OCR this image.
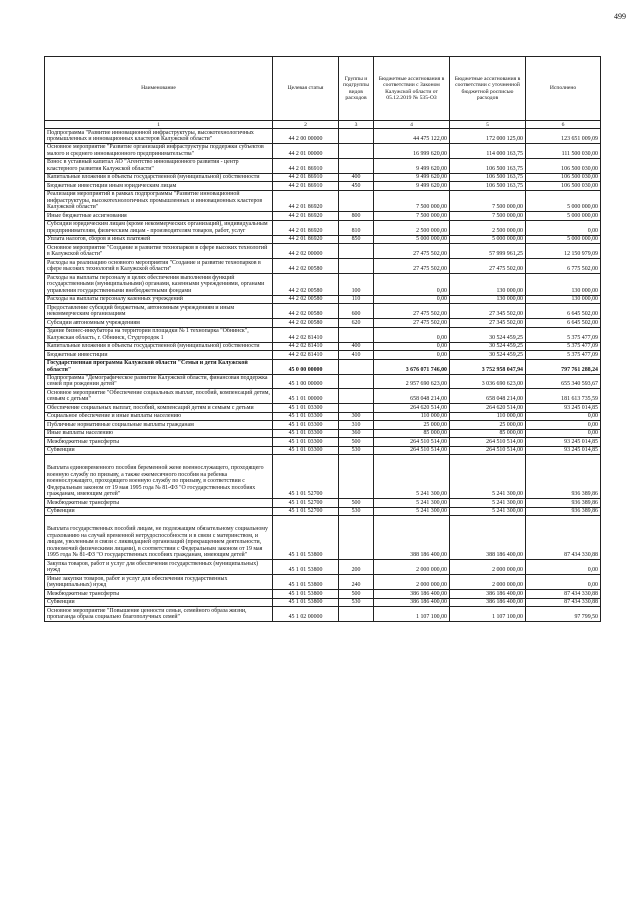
499
Наименование	Целевая статья	Группы и подгруппы видов расходов	Бюджетные ассигнования в соответствии с Законом Калужской области от 05.12.2019 № 535-ОЗ	Бюджетные ассигнования в соответствии с уточненной бюджетной росписью расходов	Исполнено
1	2	3	4	5	6
Подпрограмма "Развитие инновационной инфраструктуры, высокотехнологичных промышленных и инновационных кластеров Калужской области"	44 2 00 00000		44 475 122,00	172 000 125,00	123 651 009,09
Основное мероприятие "Развитие организаций инфраструктуры поддержки субъектов малого и среднего инновационного предпринимательства"	44 2 01 00000		16 999 620,00	114 000 163,75	111 500 030,00
Взнос в уставный капитал АО "Агентство инновационного развития - центр кластерного развития Калужской области"	44 2 01 86910		9 499 620,00	106 500 163,75	106 500 030,00
Капитальные вложения в объекты государственной (муниципальной) собственности	44 2 01 86910	400	9 499 620,00	106 500 163,75	106 500 030,00
Бюджетные инвестиции иным юридическим лицам	44 2 01 86910	450	9 499 620,00	106 500 163,75	106 500 030,00
Реализация мероприятий в рамках подпрограммы "Развитие инновационной инфраструктуры, высокотехнологичных промышленных и инновационных кластеров Калужской области"	44 2 01 86920		7 500 000,00	7 500 000,00	5 000 000,00
Иные бюджетные ассигнования	44 2 01 86920	800	7 500 000,00	7 500 000,00	5 000 000,00
Субсидии юридическим лицам (кроме некоммерческих организаций), индивидуальным предпринимателям, физическим лицам - производителям товаров, работ, услуг	44 2 01 86920	810	2 500 000,00	2 500 000,00	0,00
Уплата налогов, сборов и иных платежей	44 2 01 86920	850	5 000 000,00	5 000 000,00	5 000 000,00
Основное мероприятие "Создание и развитие технопарков в сфере высоких технологий в Калужской области"	44 2 02 00000		27 475 502,00	57 999 961,25	12 150 979,09
Расходы на реализацию основного мероприятия "Создание и развитие технопарков в сфере высоких технологий в Калужской области"	44 2 02 00580		27 475 502,00	27 475 502,00	6 775 502,00
Расходы на выплаты персоналу в целях обеспечения выполнения функций государственными (муниципальными) органами, казенными учреждениями, органами управления государственными внебюджетными фондами	44 2 02 00580	100	0,00	130 000,00	130 000,00
Расходы на выплаты персоналу казенных учреждений	44 2 02 00580	110	0,00	130 000,00	130 000,00
Предоставление субсидий бюджетным, автономным учреждениям и иным некоммерческим организациям	44 2 02 00580	600	27 475 502,00	27 345 502,00	6 645 502,00
Субсидии автономным учреждениям	44 2 02 00580	620	27 475 502,00	27 345 502,00	6 645 502,00
Здание бизнес-инкубатора на территории площадки № 1 технопарка "Обнинск", Калужская область, г. Обнинск, Студгородок 1	44 2 02 81410		0,00	30 524 459,25	5 375 477,09
Капитальные вложения в объекты государственной (муниципальной) собственности	44 2 02 81410	400	0,00	30 524 459,25	5 375 477,09
Бюджетные инвестиции	44 2 02 81410	410	0,00	30 524 459,25	5 375 477,09
Государственная программа Калужской области "Семья и дети Калужской области"	45 0 00 00000		3 676 071 746,00	3 752 958 047,94	797 761 288,24
Подпрограмма "Демографическое развитие Калужской области, финансовая поддержка семей при рождении детей"	45 1 00 00000		2 957 690 623,00	3 036 690 623,00	655 340 593,67
Основное мероприятие "Обеспечение социальных выплат, пособий, компенсаций детям, семьям с детьми"	45 1 01 00000		658 048 214,00	658 048 214,00	181 613 735,59
Обеспечение социальных выплат, пособий, компенсаций детям и семьям с детьми	45 1 01 03300		264 620 514,00	264 620 514,00	93 245 014,85
Социальное обеспечение и иные выплаты населению	45 1 01 03300	300	110 000,00	110 000,00	0,00
Публичные нормативные социальные выплаты гражданам	45 1 01 03300	310	25 000,00	25 000,00	0,00
Иные выплаты населению	45 1 01 03300	360	85 000,00	85 000,00	0,00
Межбюджетные трансферты	45 1 01 03300	500	264 510 514,00	264 510 514,00	93 245 014,85
Субвенции	45 1 01 03300	530	264 510 514,00	264 510 514,00	93 245 014,85
Выплата единовременного пособия беременной жене военнослужащего, проходящего военную службу по призыву, а также ежемесячного пособия на ребенка военнослужащего, проходящего военную службу по призыву, в соответствии с Федеральным законом от 19 мая 1995 года № 81-ФЗ "О государственных пособиях гражданам, имеющим детей"	45 1 01 52700		5 241 300,00	5 241 300,00	936 389,86
Межбюджетные трансферты	45 1 01 52700	500	5 241 300,00	5 241 300,00	936 389,86
Субвенции	45 1 01 52700	530	5 241 300,00	5 241 300,00	936 389,86
Выплата государственных пособий лицам, не подлежащим обязательному социальному страхованию на случай временной нетрудоспособности и в связи с материнством, и лицам, уволенным в связи с ликвидацией организаций (прекращением деятельности, полномочий физическими лицами), в соответствии с Федеральным законом от 19 мая 1995 года № 81-ФЗ "О государственных пособиях гражданам, имеющим детей"	45 1 01 53800		388 186 400,00	388 186 400,00	87 434 330,88
Закупка товаров, работ и услуг для обеспечения государственных (муниципальных) нужд	45 1 01 53800	200	2 000 000,00	2 000 000,00	0,00
Иные закупки товаров, работ и услуг для обеспечения государственных (муниципальных) нужд	45 1 01 53800	240	2 000 000,00	2 000 000,00	0,00
Межбюджетные трансферты	45 1 01 53800	500	386 186 400,00	386 186 400,00	87 434 330,88
Субвенции	45 1 01 53800	530	386 186 400,00	386 186 400,00	87 434 330,88
Основное мероприятие "Повышение ценности семьи, семейного образа жизни, пропаганда образа социально благополучных семей"	45 1 02 00000		1 107 100,00	1 107 100,00	97 799,50
